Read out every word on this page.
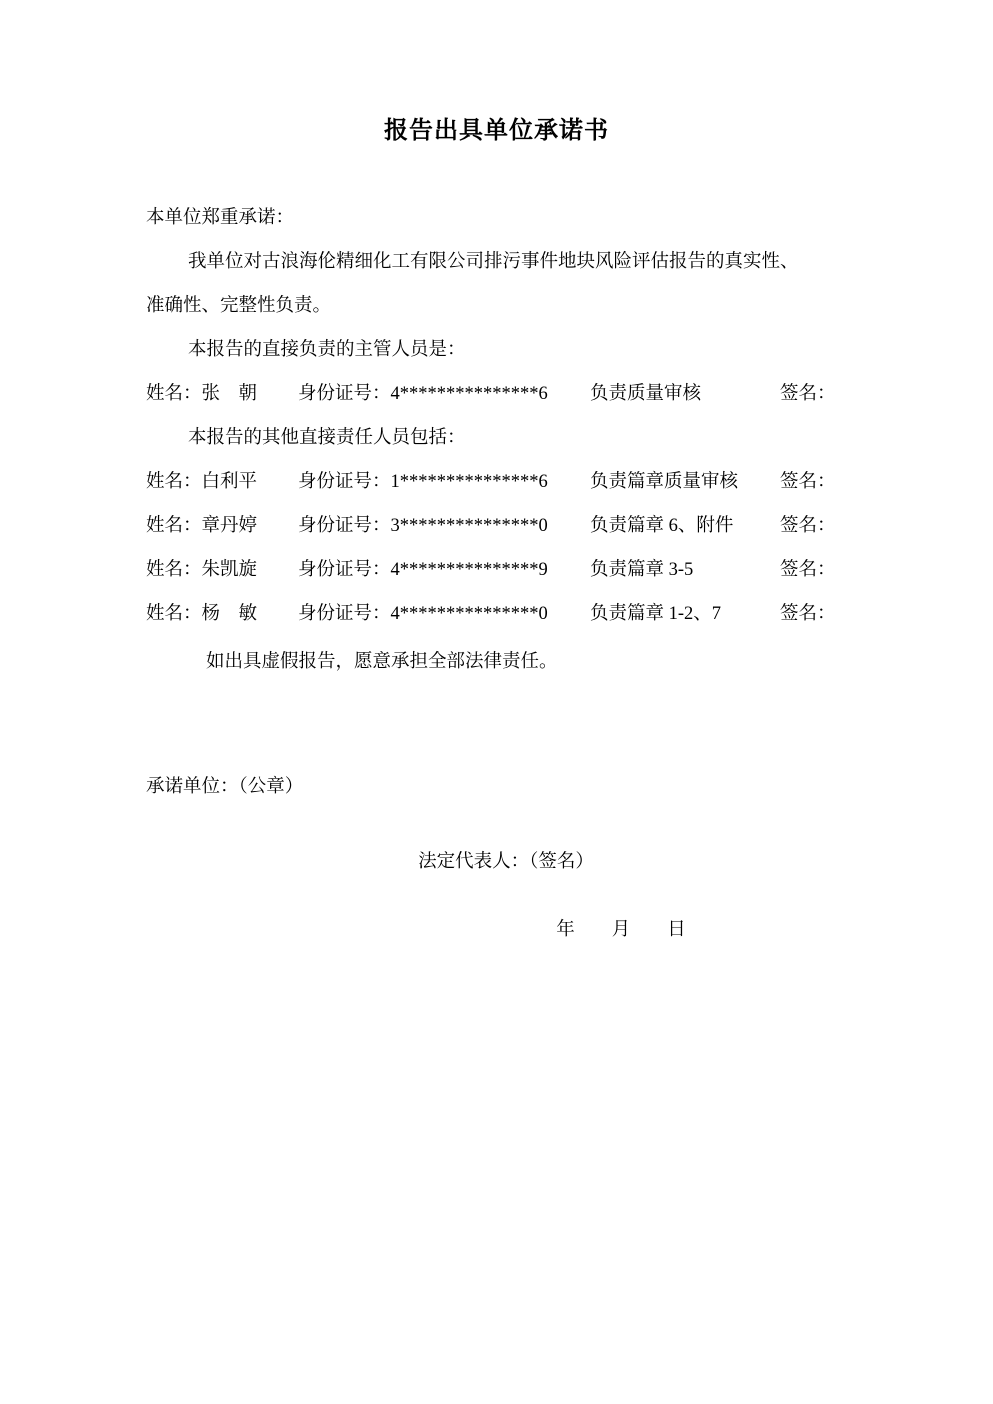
报告出具单位承诺书
本单位郑重承诺：
我单位对古浪海伦精细化工有限公司排污事件地块风险评估报告的真实性、
准确性、完整性负责。
本报告的直接负责的主管人员是：
姓名：张　朝	身份证号：4***************6	负责质量审核	签名：
本报告的其他直接责任人员包括：
姓名：白利平	身份证号：1***************6	负责篇章质量审核	签名：
姓名：章丹婷	身份证号：3***************0	负责篇章 6、附件	签名：
姓名：朱凯旋	身份证号：4***************9	负责篇章 3-5	签名：
姓名：杨　敏	身份证号：4***************0	负责篇章 1-2、7	签名：
如出具虚假报告，愿意承担全部法律责任。
承诺单位：（公章）
法定代表人：（签名）
年　　月　　日
